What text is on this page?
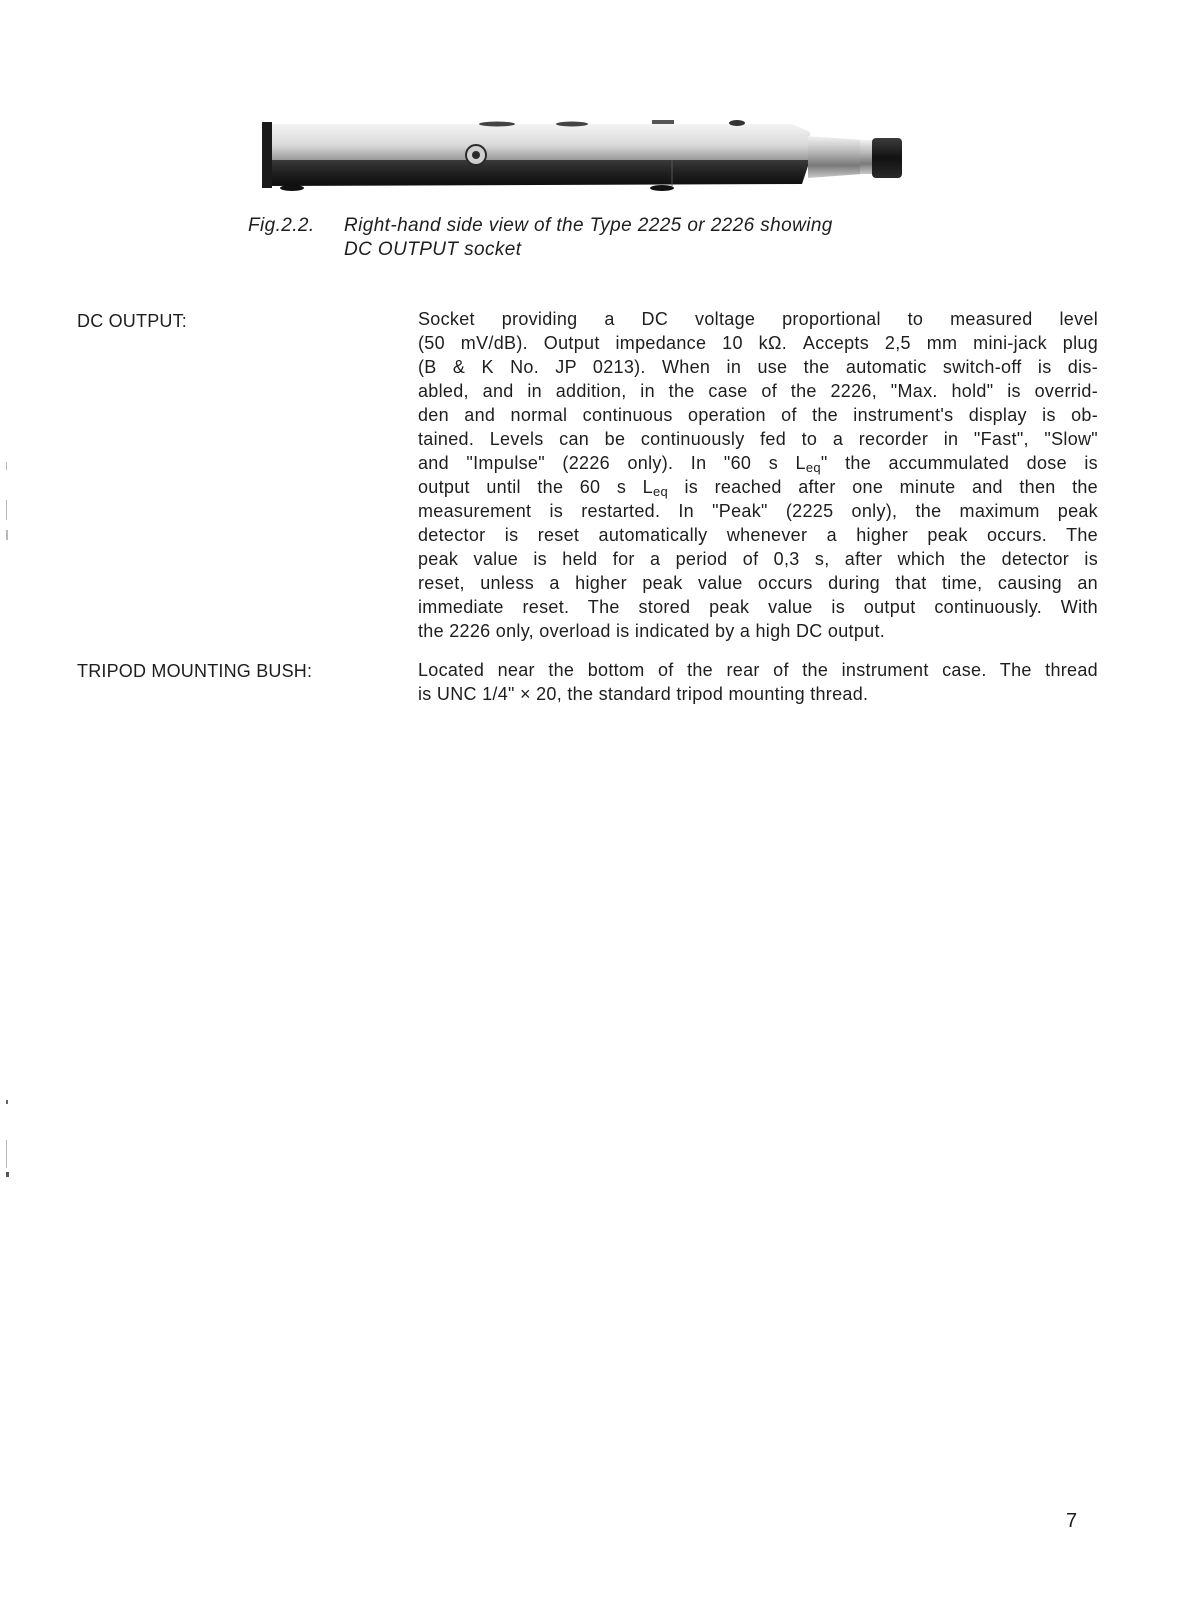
Fig.2.2. Right-hand side view of the Type 2225 or 2226 showing
DC OUTPUT socket
DC OUTPUT:	Socket providing a DC voltage proportional to measured level
(50 mV/dB). Output impedance 10 kΩ. Accepts 2,5 mm mini-jack plug
(B & K No. JP 0213). When in use the automatic switch-off is dis-
abled, and in addition, in the case of the 2226, "Max. hold" is overrid-
den and normal continuous operation of the instrument's display is ob-
tained. Levels can be continuously fed to a recorder in "Fast", "Slow"
and "Impulse" (2226 only). In "60 s $L_{eq}$" the accummulated dose is
output until the 60 s $L_{eq}$ is reached after one minute and then the
measurement is restarted. In "Peak" (2225 only), the maximum peak
detector is reset automatically whenever a higher peak occurs. The
peak value is held for a period of 0,3 s, after which the detector is
reset, unless a higher peak value occurs during that time, causing an
immediate reset. The stored peak value is output continuously. With
the 2226 only, overload is indicated by a high DC output.
TRIPOD MOUNTING BUSH:	Located near the bottom of the rear of the instrument case. The thread
is UNC 1/4" × 20, the standard tripod mounting thread.
7
